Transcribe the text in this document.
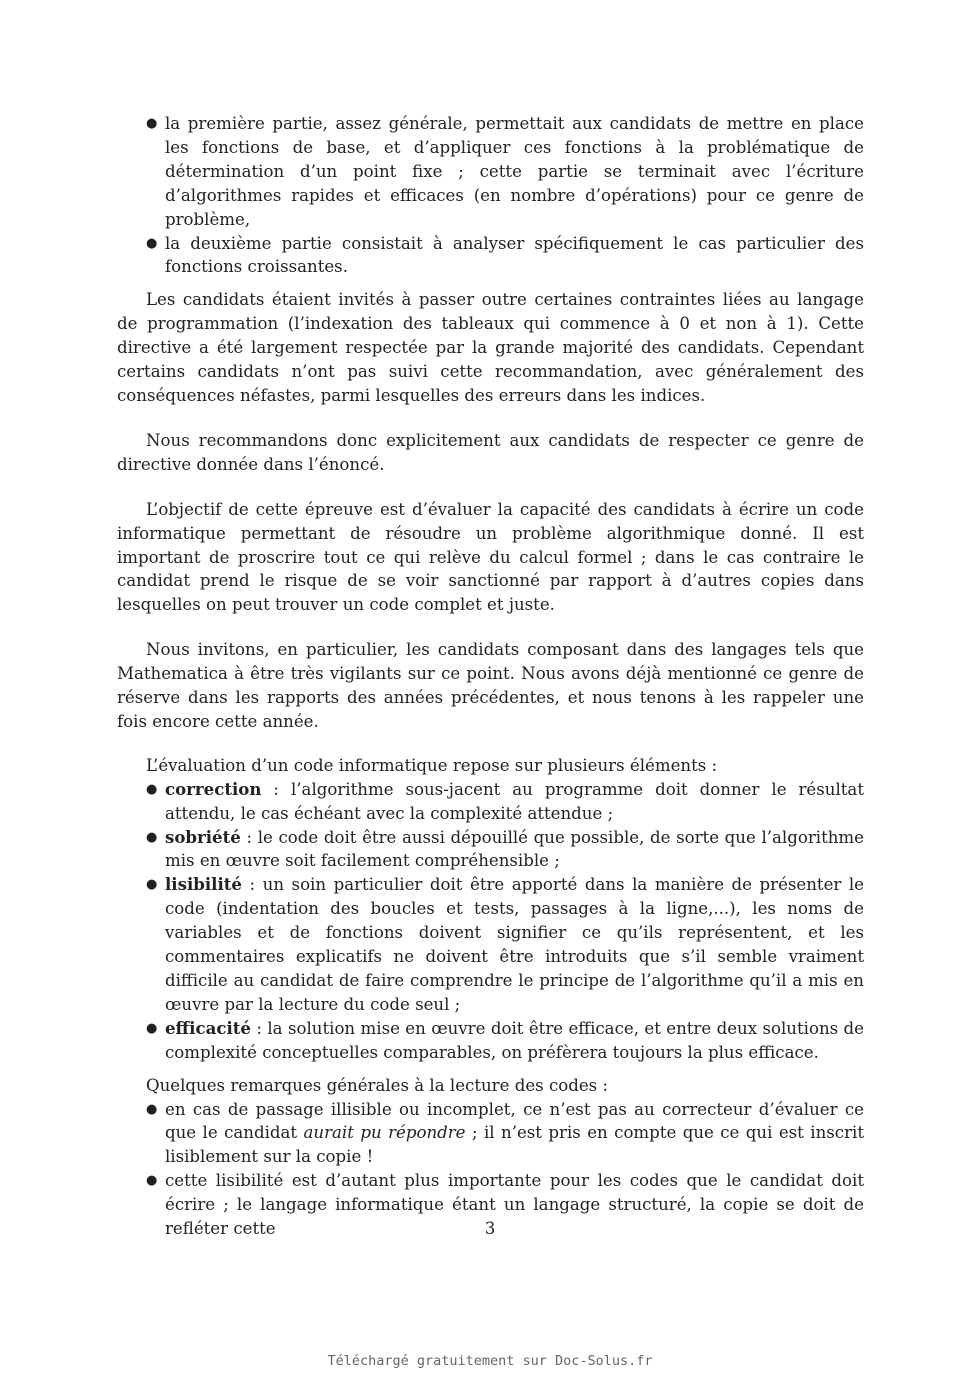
● la première partie, assez générale, permettait aux candidats de mettre en place les fonctions de base, et d’appliquer ces fonctions à la problématique de détermination d’un point fixe ; cette partie se terminait avec l’écriture d’algorithmes rapides et efficaces (en nombre d’opérations) pour ce genre de problème,
● la deuxième partie consistait à analyser spécifiquement le cas particulier des fonctions croissantes.

Les candidats étaient invités à passer outre certaines contraintes liées au langage de programmation (l’indexation des tableaux qui commence à 0 et non à 1). Cette directive a été largement respectée par la grande majorité des candidats. Cependant certains candidats n’ont pas suivi cette recommandation, avec généralement des conséquences néfastes, parmi lesquelles des erreurs dans les indices.

Nous recommandons donc explicitement aux candidats de respecter ce genre de directive donnée dans l’énoncé.

L’objectif de cette épreuve est d’évaluer la capacité des candidats à écrire un code informatique permettant de résoudre un problème algorithmique donné. Il est important de proscrire tout ce qui relève du calcul formel ; dans le cas contraire le candidat prend le risque de se voir sanctionné par rapport à d’autres copies dans lesquelles on peut trouver un code complet et juste.

Nous invitons, en particulier, les candidats composant dans des langages tels que Mathematica à être très vigilants sur ce point. Nous avons déjà mentionné ce genre de réserve dans les rapports des années précédentes, et nous tenons à les rappeler une fois encore cette année.

L’évaluation d’un code informatique repose sur plusieurs éléments :

● correction : l’algorithme sous-jacent au programme doit donner le résultat attendu, le cas échéant avec la complexité attendue ;
● sobriété : le code doit être aussi dépouillé que possible, de sorte que l’algorithme mis en œuvre soit facilement compréhensible ;
● lisibilité : un soin particulier doit être apporté dans la manière de présenter le code (indentation des boucles et tests, passages à la ligne,...), les noms de variables et de fonctions doivent signifier ce qu’ils représentent, et les commentaires explicatifs ne doivent être introduits que s’il semble vraiment difficile au candidat de faire comprendre le principe de l’algorithme qu’il a mis en œuvre par la lecture du code seul ;
● efficacité : la solution mise en œuvre doit être efficace, et entre deux solutions de complexité conceptuelles comparables, on préfèrera toujours la plus efficace.

Quelques remarques générales à la lecture des codes :

● en cas de passage illisible ou incomplet, ce n’est pas au correcteur d’évaluer ce que le candidat aurait pu répondre ; il n’est pris en compte que ce qui est inscrit lisiblement sur la copie !
● cette lisibilité est d’autant plus importante pour les codes que le candidat doit écrire ; le langage informatique étant un langage structuré, la copie se doit de refléter cette	3
Téléchargé gratuitement sur Doc-Solus.fr
